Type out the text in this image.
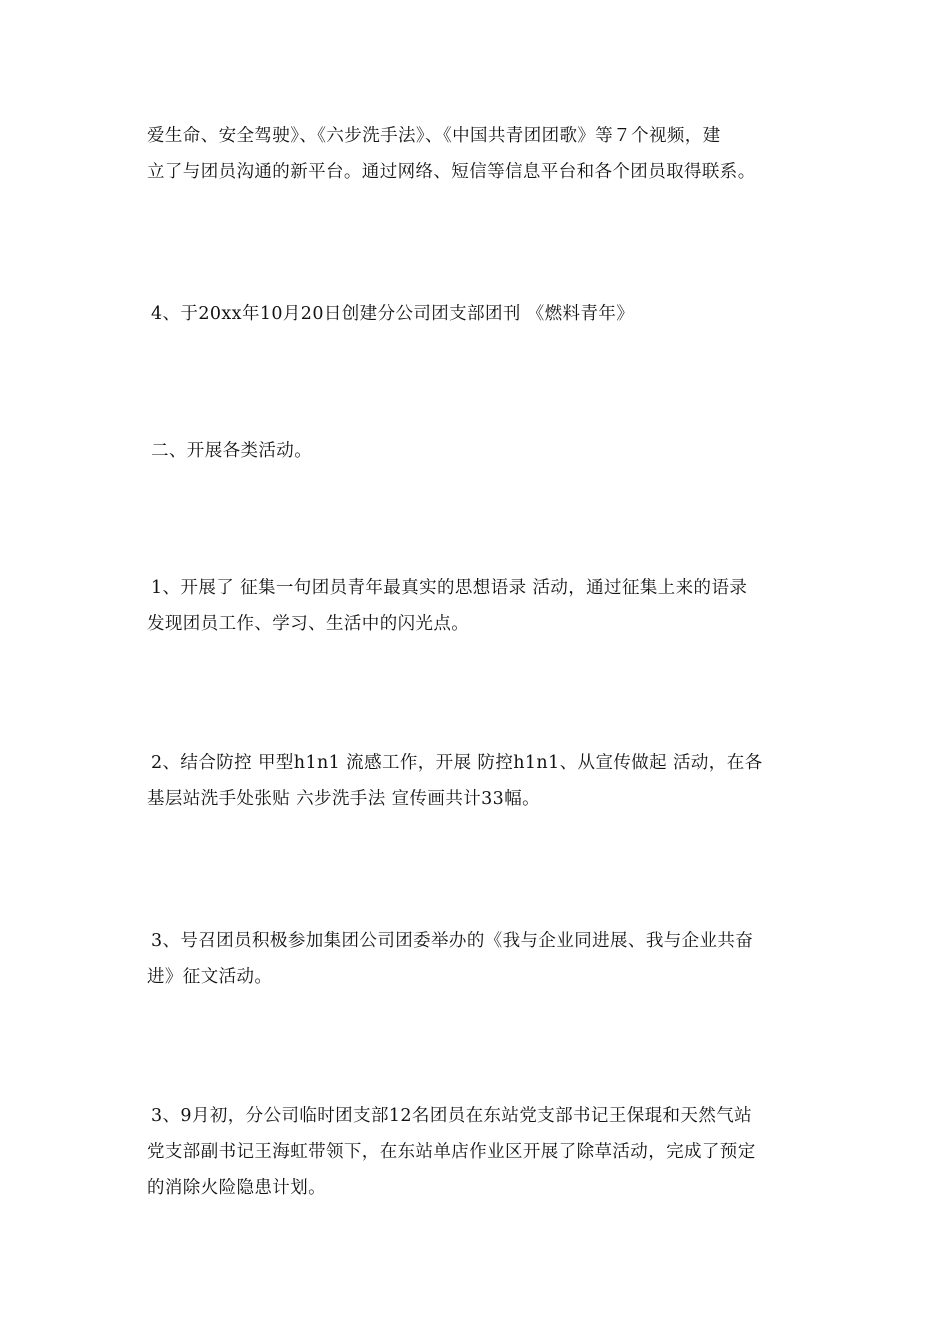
爱生命、安全驾驶》、《六步洗手法》、《中国共青团团歌》等７个视频，建
立了与团员沟通的新平台。通过网络、短信等信息平台和各个团员取得联系。

4、于20xx年10月20日创建分公司团支部团刊 《燃料青年》

二、开展各类活动。

1、开展了 征集一句团员青年最真实的思想语录 活动，通过征集上来的语录
发现团员工作、学习、生活中的闪光点。

2、结合防控 甲型h1n1 流感工作，开展 防控h1n1、从宣传做起 活动，在各
基层站洗手处张贴 六步洗手法 宣传画共计33幅。

3、号召团员积极参加集团公司团委举办的《我与企业同进展、我与企业共奋
进》征文活动。

3、9月初，分公司临时团支部12名团员在东站党支部书记王保琨和天然气站
党支部副书记王海虹带领下，在东站单店作业区开展了除草活动，完成了预定
的消除火险隐患计划。
